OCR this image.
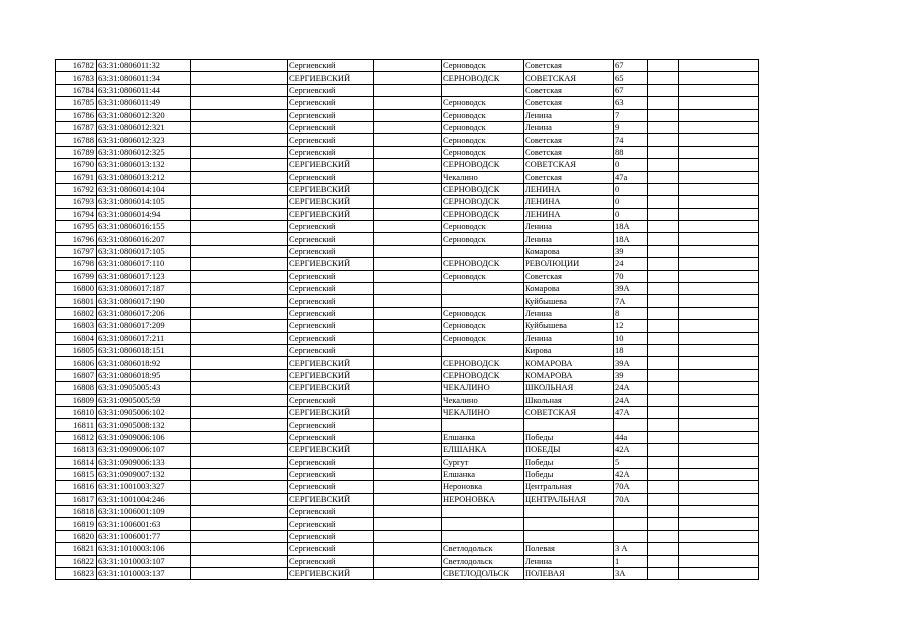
16782	63:31:0806011:32		Сергиевский		Серноводск	Советская	67		
16783	63:31:0806011:34		СЕРГИЕВСКИЙ		СЕРНОВОДСК	СОВЕТСКАЯ	65		
16784	63:31:0806011:44		Сергиевский			Советская	67		
16785	63:31:0806011:49		Сергиевский		Серноводск	Советская	63		
16786	63:31:0806012:320		Сергиевский		Серноводск	Ленина	7		
16787	63:31:0806012:321		Сергиевский		Серноводск	Ленина	9		
16788	63:31:0806012:323		Сергиевский		Серноводск	Советская	74		
16789	63:31:0806012:325		Сергиевский		Серноводск	Советская	88		
16790	63:31:0806013:132		СЕРГИЕВСКИЙ		СЕРНОВОДСК	СОВЕТСКАЯ	0		
16791	63:31:0806013:212		Сергиевский		Чекалино	Советская	47а		
16792	63:31:0806014:104		СЕРГИЕВСКИЙ		СЕРНОВОДСК	ЛЕНИНА	0		
16793	63:31:0806014:105		СЕРГИЕВСКИЙ		СЕРНОВОДСК	ЛЕНИНА	0		
16794	63:31:0806014:94		СЕРГИЕВСКИЙ		СЕРНОВОДСК	ЛЕНИНА	0		
16795	63:31:0806016:155		Сергиевский		Серноводск	Ленина	18А		
16796	63:31:0806016:207		Сергиевский		Серноводск	Ленина	18А		
16797	63:31:0806017:105		Сергиевский			Комарова	39		
16798	63:31:0806017:110		СЕРГИЕВСКИЙ		СЕРНОВОДСК	РЕВОЛЮЦИИ	24		
16799	63:31:0806017:123		Сергиевский		Серноводск	Советская	70		
16800	63:31:0806017:187		Сергиевский			Комарова	39А		
16801	63:31:0806017:190		Сергиевский			Куйбышева	7А		
16802	63:31:0806017:206		Сергиевский		Серноводск	Ленина	8		
16803	63:31:0806017:209		Сергиевский		Серноводск	Куйбышева	12		
16804	63:31:0806017:211		Сергиевский		Серноводск	Ленина	10		
16805	63:31:0806018:151		Сергиевский			Кирова	18		
16806	63:31:0806018:92		СЕРГИЕВСКИЙ		СЕРНОВОДСК	КОМАРОВА	39А		
16807	63:31:0806018:95		СЕРГИЕВСКИЙ		СЕРНОВОДСК	КОМАРОВА	39		
16808	63:31:0905005:43		СЕРГИЕВСКИЙ		ЧЕКАЛИНО	ШКОЛЬНАЯ	24А		
16809	63:31:0905005:59		Сергиевский		Чекалино	Школьная	24А		
16810	63:31:0905006:102		СЕРГИЕВСКИЙ		ЧЕКАЛИНО	СОВЕТСКАЯ	47А		
16811	63:31:0905008:132		Сергиевский						
16812	63:31:0909006:106		Сергиевский		Елшанка	Победы	44а		
16813	63:31:0909006:107		СЕРГИЕВСКИЙ		ЕЛШАНКА	ПОБЕДЫ	42А		
16814	63:31:0909006:133		Сергиевский		Сургут	Победы	5		
16815	63:31:0909007:132		Сергиевский		Елшанка	Победы	42А		
16816	63:31:1001003:327		Сергиевский		Нероновка	Центральная	70А		
16817	63:31:1001004:246		СЕРГИЕВСКИЙ		НЕРОНОВКА	ЦЕНТРАЛЬНАЯ	70А		
16818	63:31:1006001:109		Сергиевский						
16819	63:31:1006001:63		Сергиевский						
16820	63:31:1006001:77		Сергиевский						
16821	63:31:1010003:106		Сергиевский		Светлодольск	Полевая	3 А		
16822	63:31:1010003:107		Сергиевский		Светлодольск	Ленина	1		
16823	63:31:1010003:137		СЕРГИЕВСКИЙ		СВЕТЛОДОЛЬСК	ПОЛЕВАЯ	3А		
